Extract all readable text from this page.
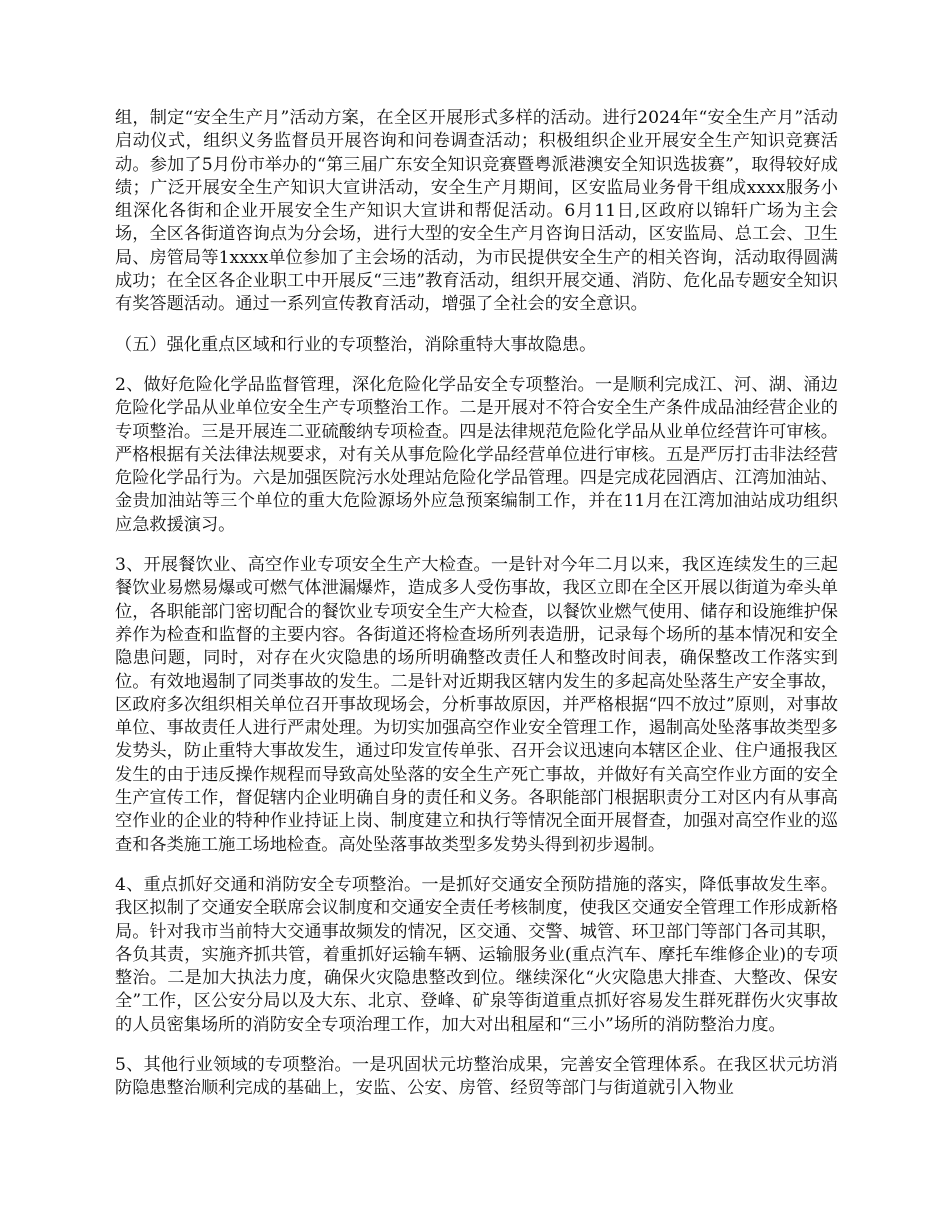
组，制定“安全生产月”活动方案，在全区开展形式多样的活动。进行2024年“安全生产月”活动启动仪式，组织义务监督员开展咨询和问卷调查活动；积极组织企业开展安全生产知识竞赛活动。参加了5月份市举办的“第三届广东安全知识竞赛暨粤派港澳安全知识选拔赛”，取得较好成绩；广泛开展安全生产知识大宣讲活动，安全生产月期间，区安监局业务骨干组成xxxx服务小组深化各街和企业开展安全生产知识大宣讲和帮促活动。6月11日,区政府以锦轩广场为主会场，全区各街道咨询点为分会场，进行大型的安全生产月咨询日活动，区安监局、总工会、卫生局、房管局等1xxxx单位参加了主会场的活动，为市民提供安全生产的相关咨询，活动取得圆满成功；在全区各企业职工中开展反“三违”教育活动，组织开展交通、消防、危化品专题安全知识有奖答题活动。通过一系列宣传教育活动，增强了全社会的安全意识。

（五）强化重点区域和行业的专项整治，消除重特大事故隐患。

2、做好危险化学品监督管理，深化危险化学品安全专项整治。一是顺利完成江、河、湖、涌边危险化学品从业单位安全生产专项整治工作。二是开展对不符合安全生产条件成品油经营企业的专项整治。三是开展连二亚硫酸纳专项检查。四是法律规范危险化学品从业单位经营许可审核。严格根据有关法律法规要求，对有关从事危险化学品经营单位进行审核。五是严厉打击非法经营危险化学品行为。六是加强医院污水处理站危险化学品管理。四是完成花园酒店、江湾加油站、金贵加油站等三个单位的重大危险源场外应急预案编制工作，并在11月在江湾加油站成功组织应急救援演习。

3、开展餐饮业、高空作业专项安全生产大检查。一是针对今年二月以来，我区连续发生的三起餐饮业易燃易爆或可燃气体泄漏爆炸，造成多人受伤事故，我区立即在全区开展以街道为牵头单位，各职能部门密切配合的餐饮业专项安全生产大检查，以餐饮业燃气使用、储存和设施维护保养作为检查和监督的主要内容。各街道还将检查场所列表造册，记录每个场所的基本情况和安全隐患问题，同时，对存在火灾隐患的场所明确整改责任人和整改时间表，确保整改工作落实到位。有效地遏制了同类事故的发生。二是针对近期我区辖内发生的多起高处坠落生产安全事故，区政府多次组织相关单位召开事故现场会，分析事故原因，并严格根据“四不放过”原则，对事故单位、事故责任人进行严肃处理。为切实加强高空作业安全管理工作，遏制高处坠落事故类型多发势头，防止重特大事故发生，通过印发宣传单张、召开会议迅速向本辖区企业、住户通报我区发生的由于违反操作规程而导致高处坠落的安全生产死亡事故，并做好有关高空作业方面的安全生产宣传工作，督促辖内企业明确自身的责任和义务。各职能部门根据职责分工对区内有从事高空作业的企业的特种作业持证上岗、制度建立和执行等情况全面开展督查，加强对高空作业的巡查和各类施工施工场地检查。高处坠落事故类型多发势头得到初步遏制。

4、重点抓好交通和消防安全专项整治。一是抓好交通安全预防措施的落实，降低事故发生率。我区拟制了交通安全联席会议制度和交通安全责任考核制度，使我区交通安全管理工作形成新格局。针对我市当前特大交通事故频发的情况，区交通、交警、城管、环卫部门等部门各司其职，各负其责，实施齐抓共管，着重抓好运输车辆、运输服务业(重点汽车、摩托车维修企业)的专项整治。二是加大执法力度，确保火灾隐患整改到位。继续深化“火灾隐患大排查、大整改、保安全”工作，区公安分局以及大东、北京、登峰、矿泉等街道重点抓好容易发生群死群伤火灾事故的人员密集场所的消防安全专项治理工作，加大对出租屋和“三小”场所的消防整治力度。

5、其他行业领域的专项整治。一是巩固状元坊整治成果，完善安全管理体系。在我区状元坊消防隐患整治顺利完成的基础上，安监、公安、房管、经贸等部门与街道就引入物业
